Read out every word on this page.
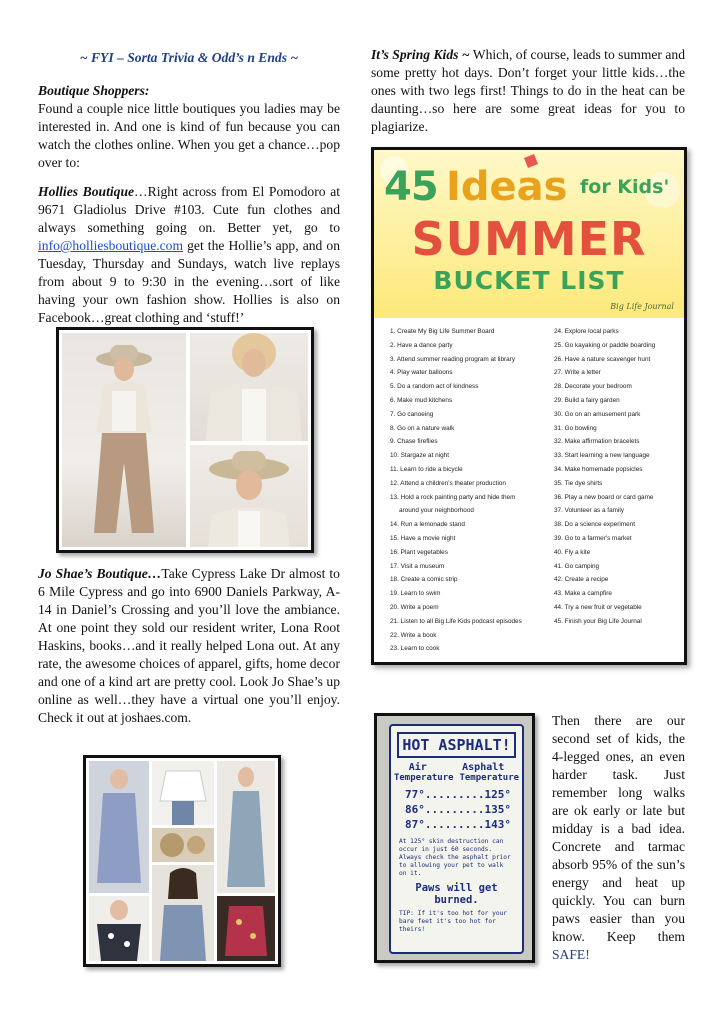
~ FYI – Sorta Trivia & Odd’s n Ends ~
Boutique Shoppers:
Found a couple nice little boutiques you ladies may be interested in. And one is kind of fun because you can watch the clothes online. When you get a chance…pop over to:
Hollies Boutique…Right across from El Pomodoro at 9671 Gladiolus Drive #103. Cute fun clothes and always something going on. Better yet, go to info@holliesboutique.com get the Hollie’s app, and on Tuesday, Thursday and Sundays, watch live replays from about 9 to 9:30 in the evening…sort of like having your own fashion show. Hollies is also on Facebook…great clothing and ‘stuff!’
Jo Shae’s Boutique…Take Cypress Lake Dr almost to 6 Mile Cypress and go into 6900 Daniels Parkway, A-14 in Daniel’s Crossing and you’ll love the ambiance. At one point they sold our resident writer, Lona Root Haskins, books…and it really helped Lona out. At any rate, the awesome choices of apparel, gifts, home decor and one of a kind art are pretty cool. Look Jo Shae’s up online as well…they have a virtual one you’ll enjoy. Check it out at joshaes.com.
It’s Spring Kids ~ Which, of course, leads to summer and some pretty hot days. Don’t forget your little kids…the ones with two legs first! Things to do in the heat can be daunting…so here are some great ideas for you to plagiarize.
45 Ideas for Kids'
SUMMER
BUCKET LIST
Big Life Journal
1. Create My Big Life Summer Board
2. Have a dance party
3. Attend summer reading program at library
4. Play water balloons
5. Do a random act of kindness
6. Make mud kitchens
7. Go canoeing
8. Go on a nature walk
9. Chase fireflies
10. Stargaze at night
11. Learn to ride a bicycle
12. Attend a children's theater production
13. Hold a rock painting party and hide them
around your neighborhood
14. Run a lemonade stand
15. Have a movie night
16. Plant vegetables
17. Visit a museum
18. Create a comic strip
19. Learn to swim
20. Write a poem
21. Listen to all Big Life Kids podcast episodes
22. Write a book
23. Learn to cook
24. Explore local parks
25. Go kayaking or paddle boarding
26. Have a nature scavenger hunt
27. Write a letter
28. Decorate your bedroom
29. Build a fairy garden
30. Go on an amusement park
31. Go bowling
32. Make affirmation bracelets
33. Start learning a new language
34. Make homemade popsicles
35. Tie dye shirts
36. Play a new board or card game
37. Volunteer as a family
38. Do a science experiment
39. Go to a farmer's market
40. Fly a kite
41. Go camping
42. Create a recipe
43. Make a campfire
44. Try a new fruit or vegetable
45. Finish your Big Life Journal
HOT ASPHALT!
Air	Asphalt
Temperature Temperature
77° ......... 125°
86° ......... 135°
87° ......... 143°
At 125° skin destruction can occur in just 60 seconds. Always check the asphalt prior to allowing your pet to walk on it.
Paws will get burned.
TIP: If it's too hot for your bare feet it's too hot for theirs!
Then there are our second set of kids, the 4-legged ones, an even harder task. Just remember long walks are ok early or late but midday is a bad idea. Concrete and tarmac absorb 95% of the sun’s energy and heat up quickly. You can burn paws easier than you know. Keep them SAFE!
